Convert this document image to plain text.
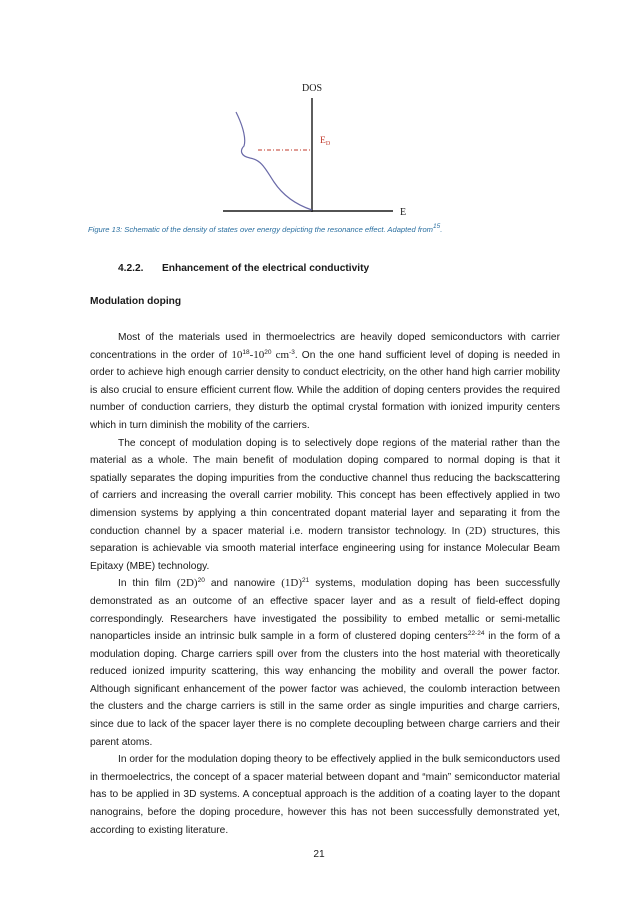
DOS
E
$E_D$
Figure 13: Schematic of the density of states over energy depicting the resonance effect. Adapted from$^{15}$.
4.2.2. Enhancement of the electrical conductivity
Modulation doping

Most of the materials used in thermoelectrics are heavily doped semiconductors with carrier concentrations in the order of $10^{18}-10^{20}$ $cm^{-3}$. On the one hand sufficient level of doping is needed in order to achieve high enough carrier density to conduct electricity, on the other hand high carrier mobility is also crucial to ensure efficient current flow. While the addition of doping centers provides the required number of conduction carriers, they disturb the optimal crystal formation with ionized impurity centers which in turn diminish the mobility of the carriers.

The concept of modulation doping is to selectively dope regions of the material rather than the material as a whole. The main benefit of modulation doping compared to normal doping is that it spatially separates the doping impurities from the conductive channel thus reducing the backscattering of carriers and increasing the overall carrier mobility. This concept has been effectively applied in two dimension systems by applying a thin concentrated dopant material layer and separating it from the conduction channel by a spacer material i.e. modern transistor technology. In (2D) structures, this separation is achievable via smooth material interface engineering using for instance Molecular Beam Epitaxy (MBE) technology.

In thin film $(2D)^{20}$ and nanowire $(1D)^{21}$ systems, modulation doping has been successfully demonstrated as an outcome of an effective spacer layer and as a result of field-effect doping correspondingly. Researchers have investigated the possibility to embed metallic or semi-metallic nanoparticles inside an intrinsic bulk sample in a form of clustered doping centers$^{22-24}$ in the form of a modulation doping. Charge carriers spill over from the clusters into the host material with theoretically reduced ionized impurity scattering, this way enhancing the mobility and overall the power factor. Although significant enhancement of the power factor was achieved, the coulomb interaction between the clusters and the charge carriers is still in the same order as single impurities and charge carriers, since due to lack of the spacer layer there is no complete decoupling between charge carriers and their parent atoms.

In order for the modulation doping theory to be effectively applied in the bulk semiconductors used in thermoelectrics, the concept of a spacer material between dopant and “main” semiconductor material has to be applied in 3D systems. A conceptual approach is the addition of a coating layer to the dopant nanograins, before the doping procedure, however this has not been successfully demonstrated yet, according to existing literature.

21
